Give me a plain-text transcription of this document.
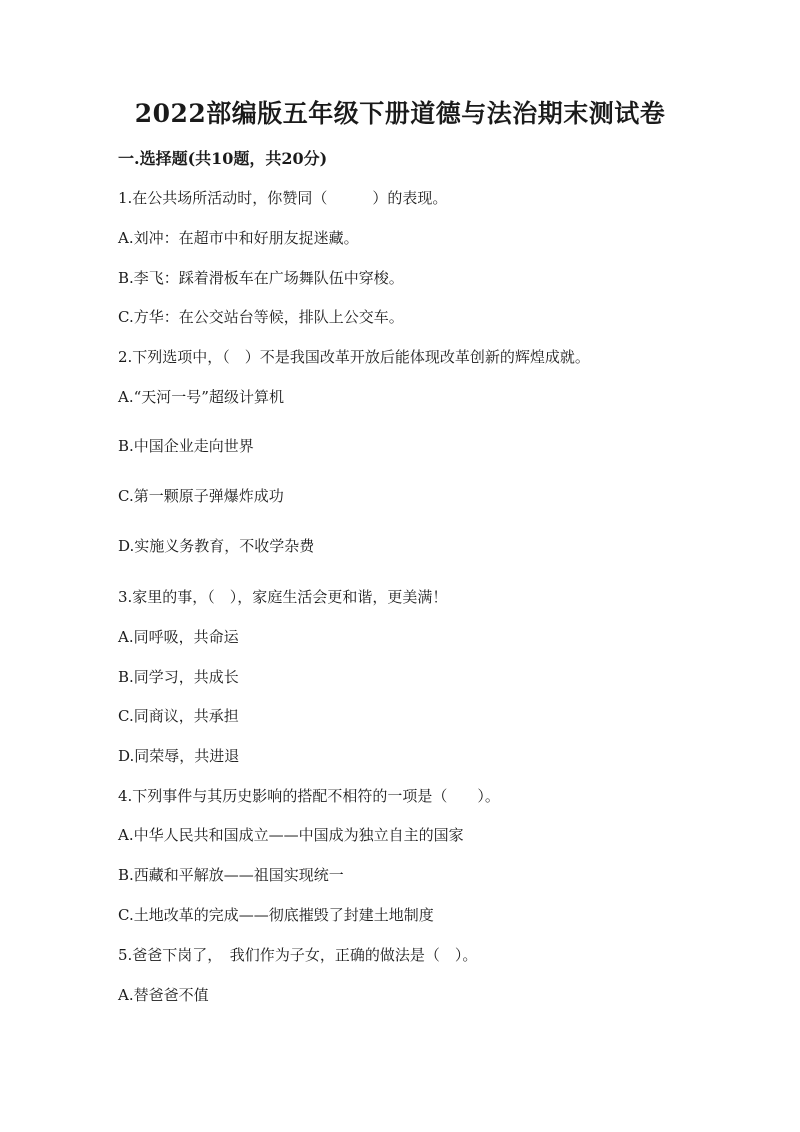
2022部编版五年级下册道德与法治期末测试卷
一.选择题(共10题，共20分)
1.在公共场所活动时，你赞同（　　　）的表现。
A.刘冲：在超市中和好朋友捉迷藏。
B.李飞：踩着滑板车在广场舞队伍中穿梭。
C.方华：在公交站台等候，排队上公交车。
2.下列选项中，（　）不是我国改革开放后能体现改革创新的辉煌成就。
A.“天河一号”超级计算机
B.中国企业走向世界
C.第一颗原子弹爆炸成功
D.实施义务教育，不收学杂费
3.家里的事，（　），家庭生活会更和谐，更美满！
A.同呼吸，共命运
B.同学习，共成长
C.同商议，共承担
D.同荣辱，共进退
4.下列事件与其历史影响的搭配不相符的一项是（　　）。
A.中华人民共和国成立——中国成为独立自主的国家
B.西藏和平解放——祖国实现统一
C.土地改革的完成——彻底摧毁了封建土地制度
5.爸爸下岗了，　我们作为子女，正确的做法是（　）。
A.替爸爸不值
